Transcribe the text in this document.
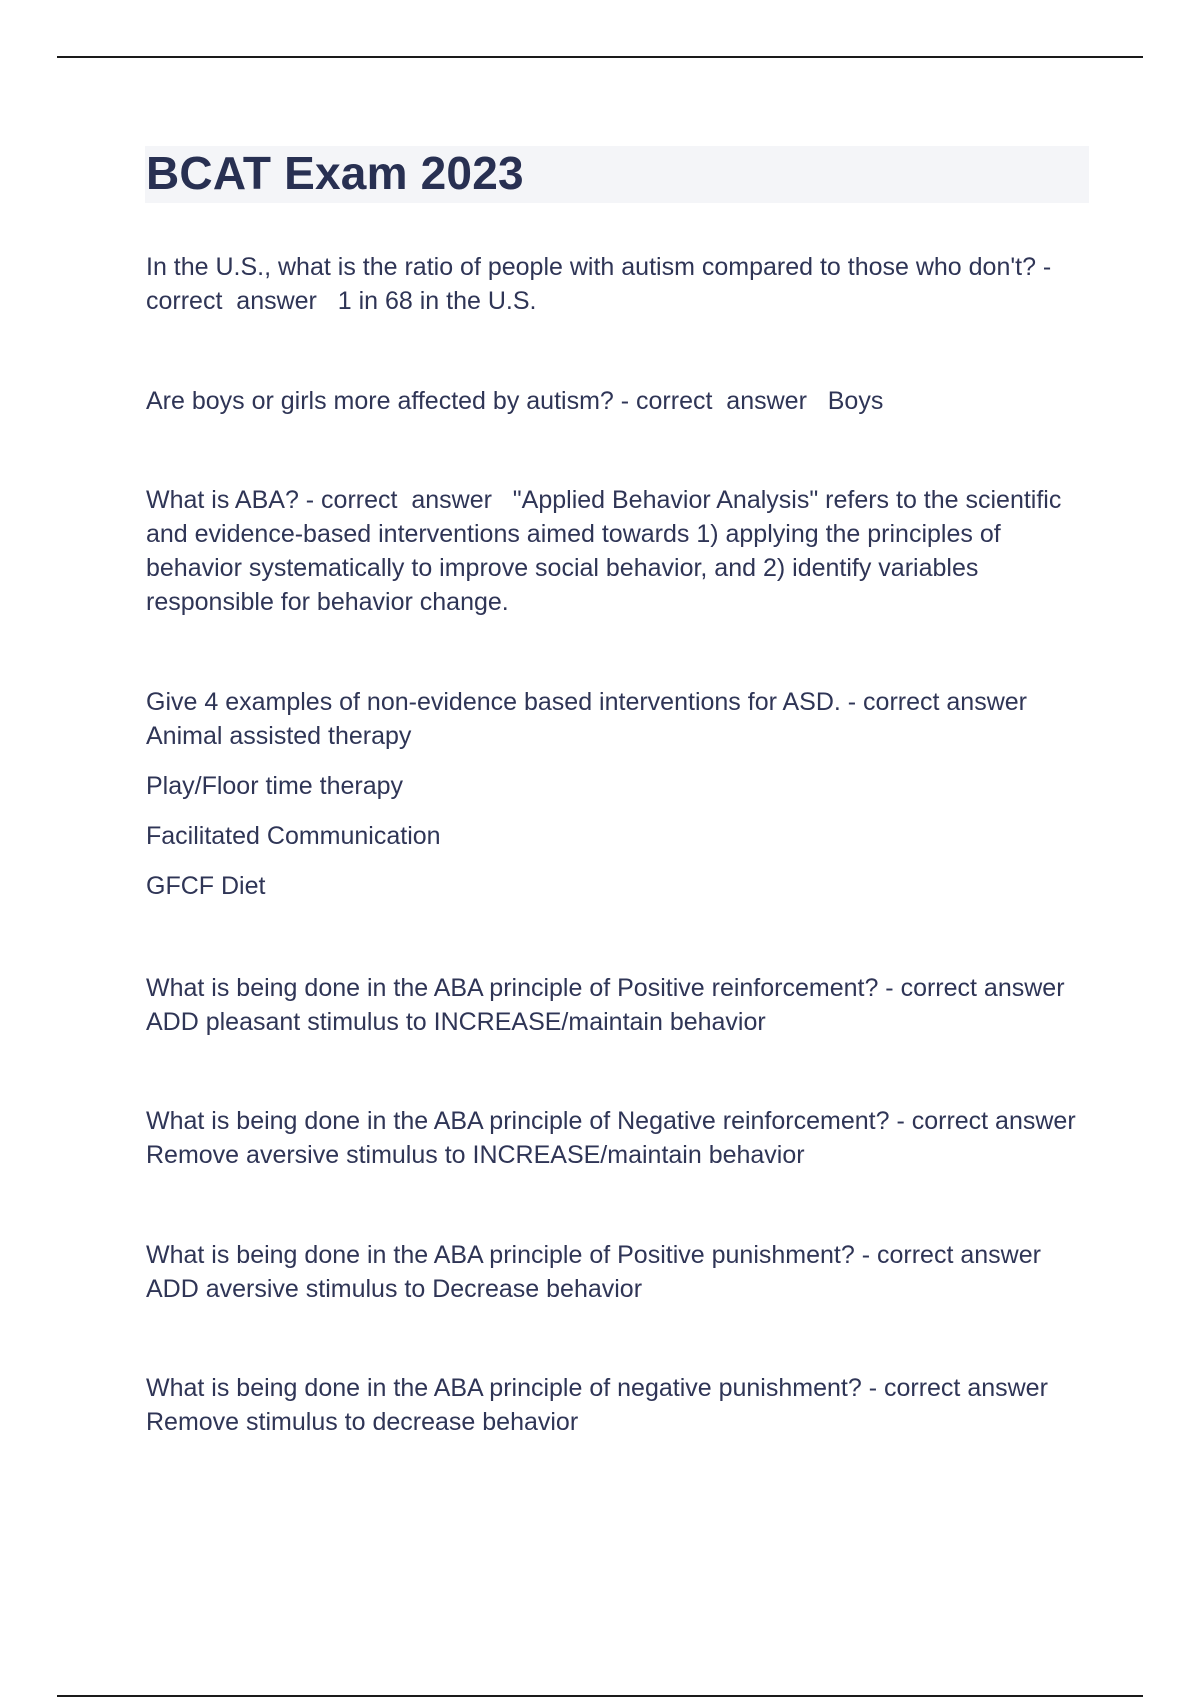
BCAT Exam 2023

In the U.S., what is the ratio of people with autism compared to those who don't? - correct  answer   1 in 68 in the U.S.

Are boys or girls more affected by autism? - correct  answer   Boys

What is ABA? - correct  answer   "Applied Behavior Analysis" refers to the scientific and evidence-based interventions aimed towards 1) applying the principles of behavior systematically to improve social behavior, and 2) identify variables responsible for behavior change.

Give 4 examples of non-evidence based interventions for ASD. - correct answer   Animal assisted therapy

Play/Floor time therapy

Facilitated Communication

GFCF Diet

What is being done in the ABA principle of Positive reinforcement? - correct answer   ADD pleasant stimulus to INCREASE/maintain behavior

What is being done in the ABA principle of Negative reinforcement? - correct answer   Remove aversive stimulus to INCREASE/maintain behavior

What is being done in the ABA principle of Positive punishment? - correct answer   ADD aversive stimulus to Decrease behavior

What is being done in the ABA principle of negative punishment? - correct answer   Remove stimulus to decrease behavior
